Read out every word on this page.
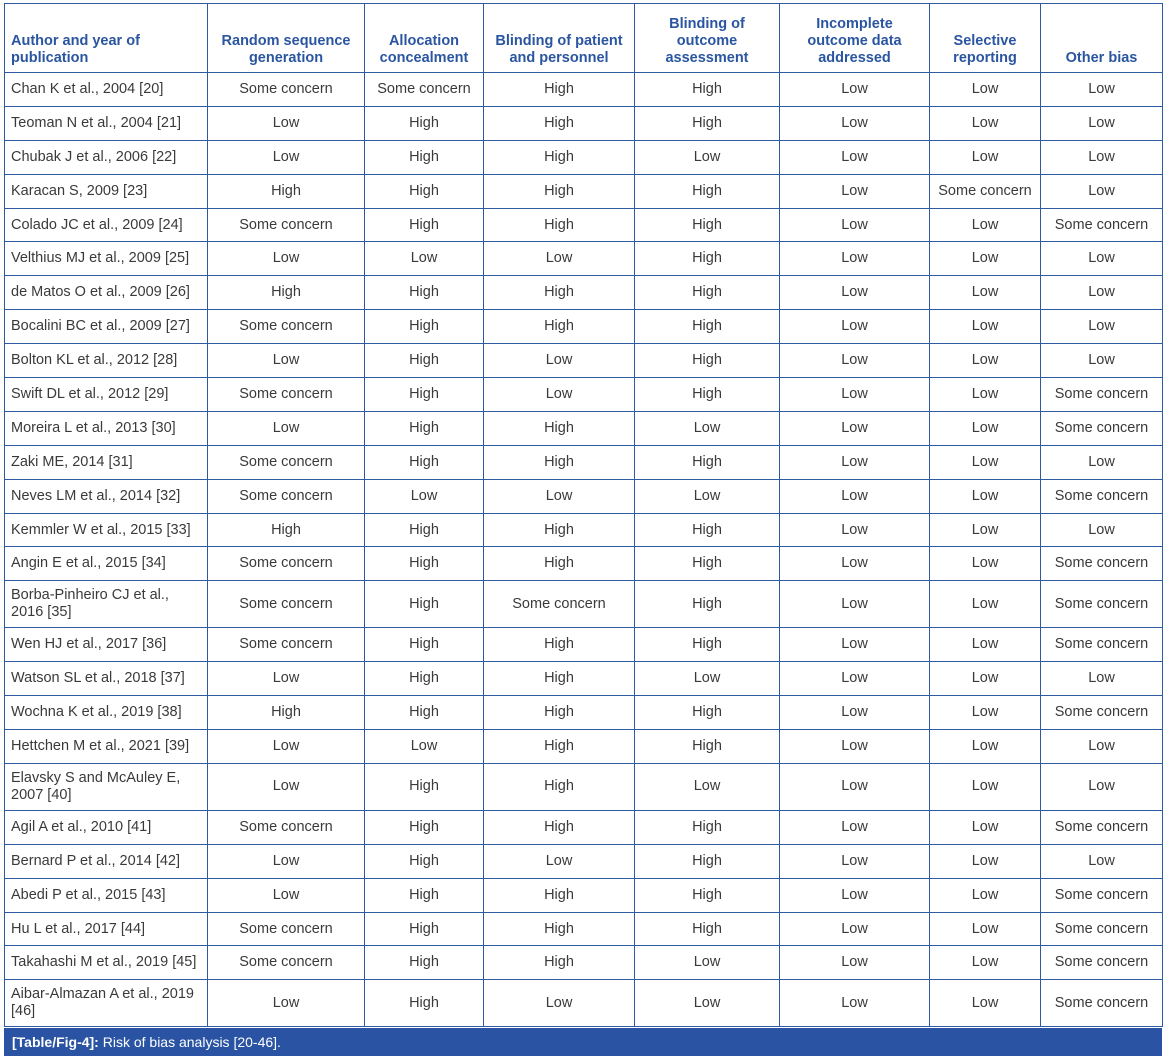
Author and year of publication	Random sequence generation	Allocation concealment	Blinding of patient and personnel	Blinding of outcome assessment	Incomplete outcome data addressed	Selective reporting	Other bias
Chan K et al., 2004 [20]	Some concern	Some concern	High	High	Low	Low	Low
Teoman N et al., 2004 [21]	Low	High	High	High	Low	Low	Low
Chubak J et al., 2006 [22]	Low	High	High	Low	Low	Low	Low
Karacan S, 2009 [23]	High	High	High	High	Low	Some concern	Low
Colado JC et al., 2009 [24]	Some concern	High	High	High	Low	Low	Some concern
Velthius MJ et al., 2009 [25]	Low	Low	Low	High	Low	Low	Low
de Matos O et al., 2009 [26]	High	High	High	High	Low	Low	Low
Bocalini BC et al., 2009 [27]	Some concern	High	High	High	Low	Low	Low
Bolton KL et al., 2012 [28]	Low	High	Low	High	Low	Low	Low
Swift DL et al., 2012 [29]	Some concern	High	Low	High	Low	Low	Some concern
Moreira L et al., 2013 [30]	Low	High	High	Low	Low	Low	Some concern
Zaki ME, 2014 [31]	Some concern	High	High	High	Low	Low	Low
Neves LM et al., 2014 [32]	Some concern	Low	Low	Low	Low	Low	Some concern
Kemmler W et al., 2015 [33]	High	High	High	High	Low	Low	Low
Angin E et al., 2015 [34]	Some concern	High	High	High	Low	Low	Some concern
Borba-Pinheiro CJ et al., 2016 [35]	Some concern	High	Some concern	High	Low	Low	Some concern
Wen HJ et al., 2017 [36]	Some concern	High	High	High	Low	Low	Some concern
Watson SL et al., 2018 [37]	Low	High	High	Low	Low	Low	Low
Wochna K et al., 2019 [38]	High	High	High	High	Low	Low	Some concern
Hettchen M et al., 2021 [39]	Low	Low	High	High	Low	Low	Low
Elavsky S and McAuley E, 2007 [40]	Low	High	High	Low	Low	Low	Low
Agil A et al., 2010 [41]	Some concern	High	High	High	Low	Low	Some concern
Bernard P et al., 2014 [42]	Low	High	Low	High	Low	Low	Low
Abedi P et al., 2015 [43]	Low	High	High	High	Low	Low	Some concern
Hu L et al., 2017 [44]	Some concern	High	High	High	Low	Low	Some concern
Takahashi M et al., 2019 [45]	Some concern	High	High	Low	Low	Low	Some concern
Aibar-Almazan A et al., 2019 [46]	Low	High	Low	Low	Low	Low	Some concern
[Table/Fig-4]: Risk of bias analysis [20-46].
